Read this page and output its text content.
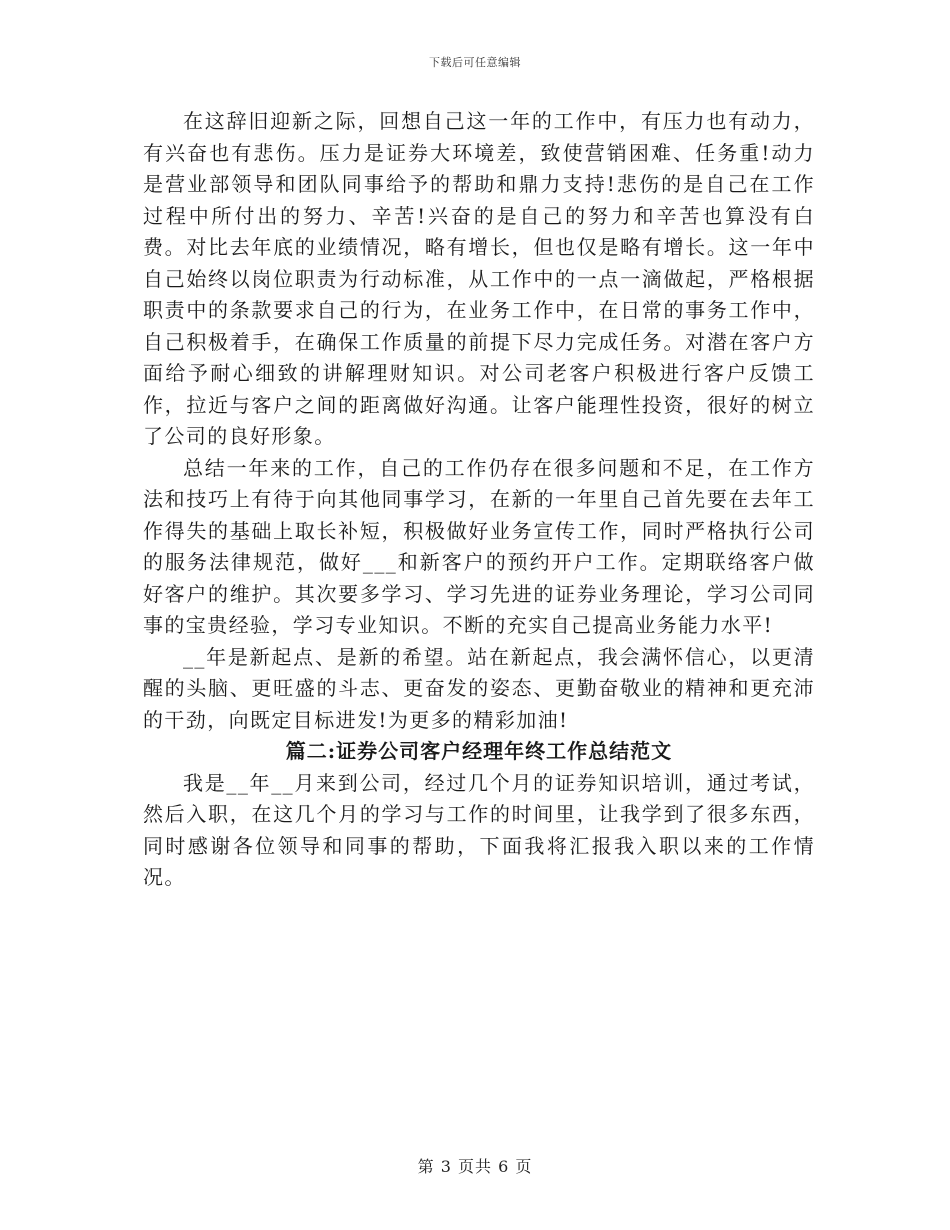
下载后可任意编辑

在这辞旧迎新之际，回想自己这一年的工作中，有压力也有动力，有兴奋也有悲伤。压力是证券大环境差，致使营销困难、任务重!动力是营业部领导和团队同事给予的帮助和鼎力支持!悲伤的是自己在工作过程中所付出的努力、辛苦!兴奋的是自己的努力和辛苦也算没有白费。对比去年底的业绩情况，略有增长，但也仅是略有增长。这一年中自己始终以岗位职责为行动标准，从工作中的一点一滴做起，严格根据职责中的条款要求自己的行为，在业务工作中，在日常的事务工作中，自己积极着手，在确保工作质量的前提下尽力完成任务。对潜在客户方面给予耐心细致的讲解理财知识。对公司老客户积极进行客户反馈工作，拉近与客户之间的距离做好沟通。让客户能理性投资，很好的树立了公司的良好形象。

总结一年来的工作，自己的工作仍存在很多问题和不足，在工作方法和技巧上有待于向其他同事学习，在新的一年里自己首先要在去年工作得失的基础上取长补短，积极做好业务宣传工作，同时严格执行公司的服务法律规范，做好___和新客户的预约开户工作。定期联络客户做好客户的维护。其次要多学习、学习先进的证券业务理论，学习公司同事的宝贵经验，学习专业知识。不断的充实自己提高业务能力水平!

__年是新起点、是新的希望。站在新起点，我会满怀信心，以更清醒的头脑、更旺盛的斗志、更奋发的姿态、更勤奋敬业的精神和更充沛的干劲，向既定目标进发!为更多的精彩加油!

篇二:证券公司客户经理年终工作总结范文

我是__年__月来到公司，经过几个月的证券知识培训，通过考试，然后入职，在这几个月的学习与工作的时间里，让我学到了很多东西，同时感谢各位领导和同事的帮助，下面我将汇报我入职以来的工作情况。

第 3 页共 6 页
